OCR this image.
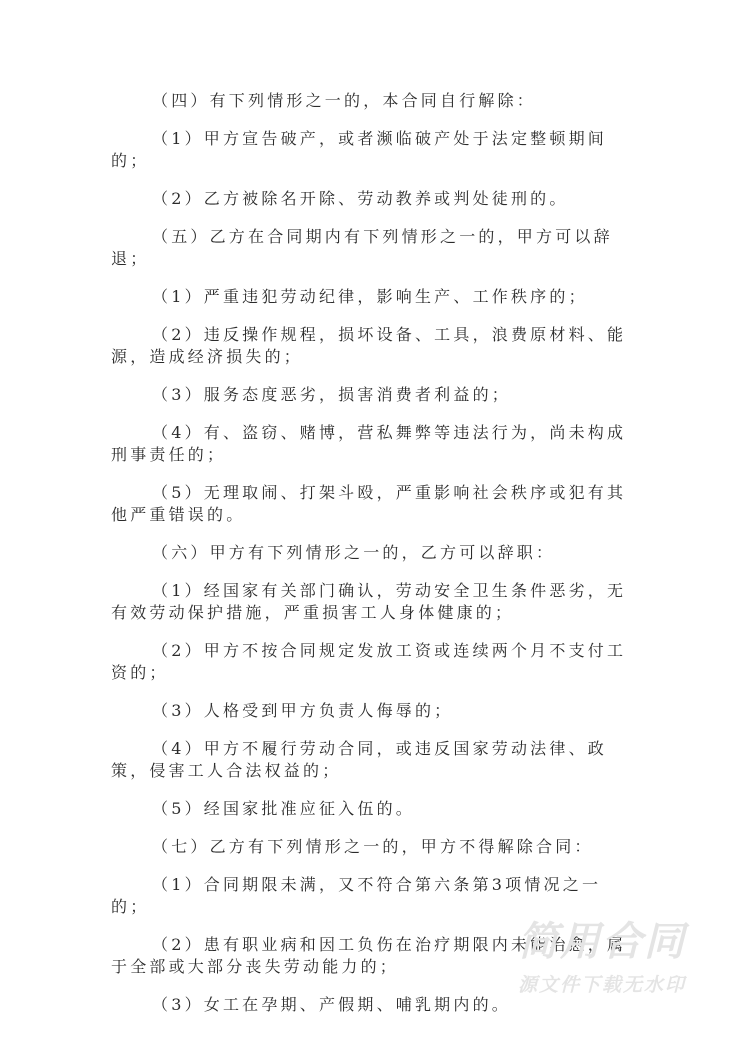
（四）有下列情形之一的，本合同自行解除：

（1）甲方宣告破产，或者濒临破产处于法定整顿期间的；

（2）乙方被除名开除、劳动教养或判处徒刑的。

（五）乙方在合同期内有下列情形之一的，甲方可以辞退；

（1）严重违犯劳动纪律，影响生产、工作秩序的；

（2）违反操作规程，损坏设备、工具，浪费原材料、能源，造成经济损失的；

（3）服务态度恶劣，损害消费者利益的；

（4）有、盗窃、赌博，营私舞弊等违法行为，尚未构成刑事责任的；

（5）无理取闹、打架斗殴，严重影响社会秩序或犯有其他严重错误的。

（六）甲方有下列情形之一的，乙方可以辞职：

（1）经国家有关部门确认，劳动安全卫生条件恶劣，无有效劳动保护措施，严重损害工人身体健康的；

（2）甲方不按合同规定发放工资或连续两个月不支付工资的；

（3）人格受到甲方负责人侮辱的；

（4）甲方不履行劳动合同，或违反国家劳动法律、政策，侵害工人合法权益的；

（5）经国家批准应征入伍的。

（七）乙方有下列情形之一的，甲方不得解除合同：

（1）合同期限未满，又不符合第六条第3项情况之一的；

（2）患有职业病和因工负伤在治疗期限内未能治愈，属于全部或大部分丧失劳动能力的；

（3）女工在孕期、产假期、哺乳期内的。

简用合同
源文件下载无水印
